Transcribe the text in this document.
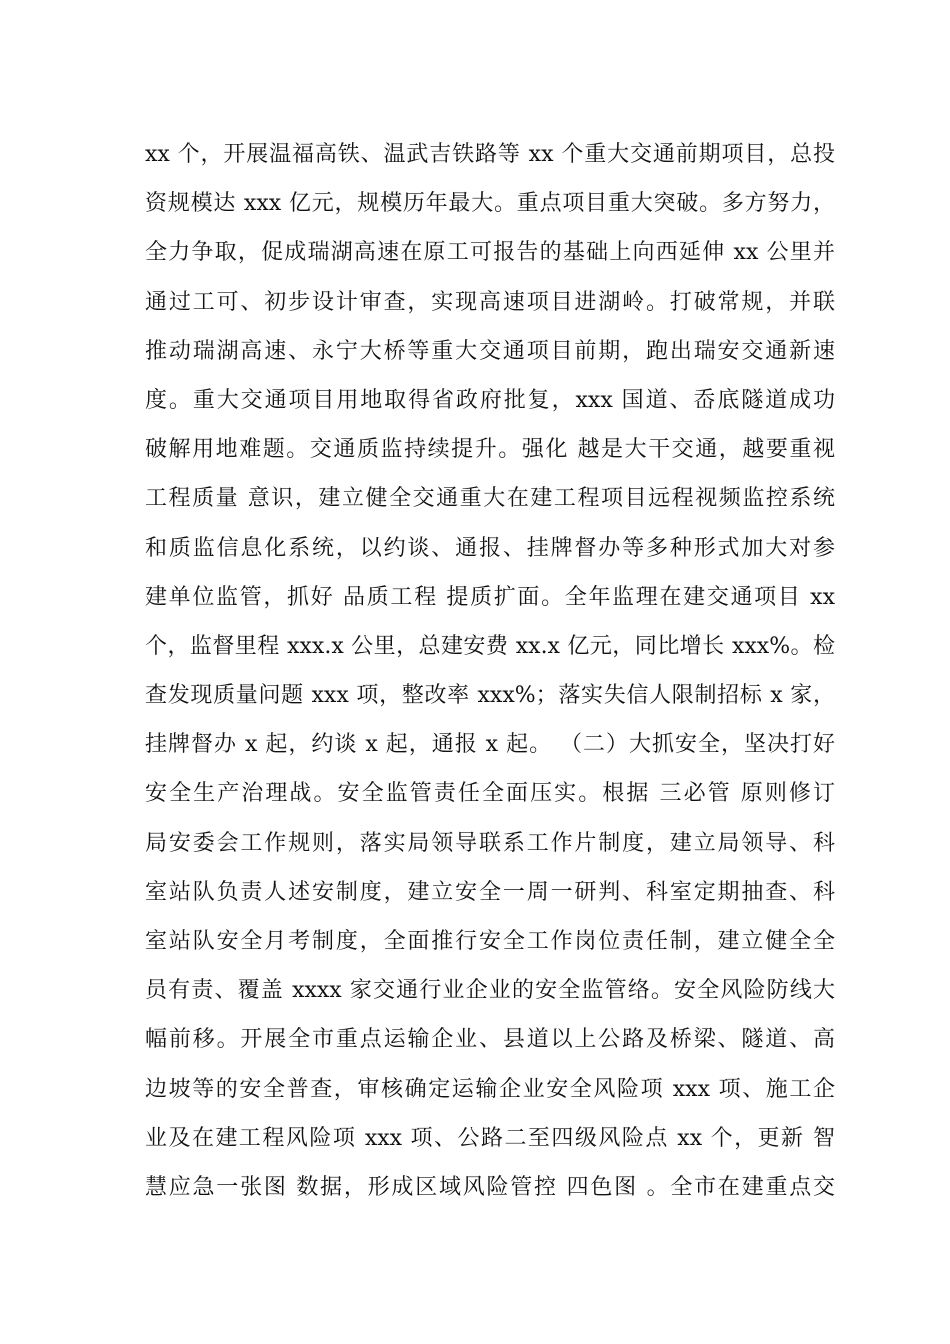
xx 个，开展温福高铁、温武吉铁路等 xx 个重大交通前期项目，总投
资规模达 xxx 亿元，规模历年最大。重点项目重大突破。多方努力，
全力争取，促成瑞湖高速在原工可报告的基础上向西延伸 xx 公里并
通过工可、初步设计审查，实现高速项目进湖岭。打破常规，并联
推动瑞湖高速、永宁大桥等重大交通项目前期，跑出瑞安交通新速
度。重大交通项目用地取得省政府批复，xxx 国道、岙底隧道成功
破解用地难题。交通质监持续提升。强化 越是大干交通，越要重视
工程质量 意识，建立健全交通重大在建工程项目远程视频监控系统
和质监信息化系统，以约谈、通报、挂牌督办等多种形式加大对参
建单位监管，抓好 品质工程 提质扩面。全年监理在建交通项目 xx
个，监督里程 xxx.x 公里，总建安费 xx.x 亿元，同比增长 xxx%。检
查发现质量问题 xxx 项，整改率 xxx%；落实失信人限制招标 x 家，
挂牌督办 x 起，约谈 x 起，通报 x 起。 （二）大抓安全，坚决打好
安全生产治理战。安全监管责任全面压实。根据 三必管 原则修订
局安委会工作规则，落实局领导联系工作片制度，建立局领导、科
室站队负责人述安制度，建立安全一周一研判、科室定期抽查、科
室站队安全月考制度，全面推行安全工作岗位责任制，建立健全全
员有责、覆盖 xxxx 家交通行业企业的安全监管络。安全风险防线大
幅前移。开展全市重点运输企业、县道以上公路及桥梁、隧道、高
边坡等的安全普查，审核确定运输企业安全风险项 xxx 项、施工企
业及在建工程风险项 xxx 项、公路二至四级风险点 xx 个，更新 智
慧应急一张图 数据，形成区域风险管控 四色图 。全市在建重点交
